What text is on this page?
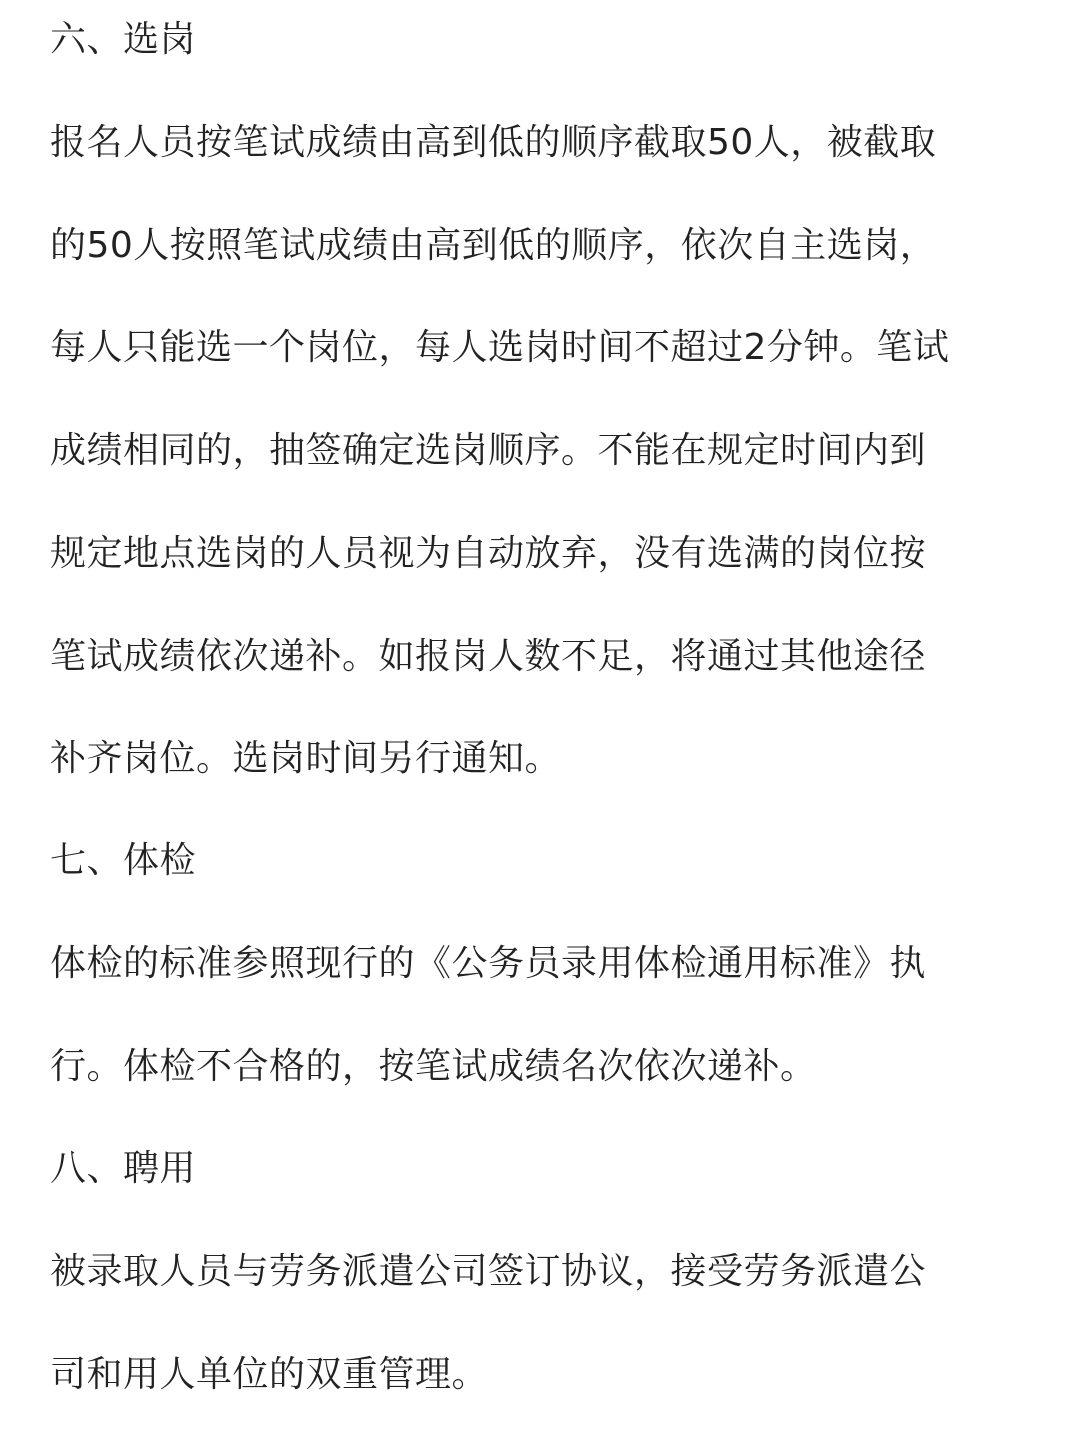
六、选岗
报名人员按笔试成绩由高到低的顺序截取50人，被截取
的50人按照笔试成绩由高到低的顺序，依次自主选岗，
每人只能选一个岗位，每人选岗时间不超过2分钟。笔试
成绩相同的，抽签确定选岗顺序。不能在规定时间内到
规定地点选岗的人员视为自动放弃，没有选满的岗位按
笔试成绩依次递补。如报岗人数不足，将通过其他途径
补齐岗位。选岗时间另行通知。
七、体检
体检的标准参照现行的《公务员录用体检通用标准》执
行。体检不合格的，按笔试成绩名次依次递补。
八、聘用
被录取人员与劳务派遣公司签订协议，接受劳务派遣公
司和用人单位的双重管理。
